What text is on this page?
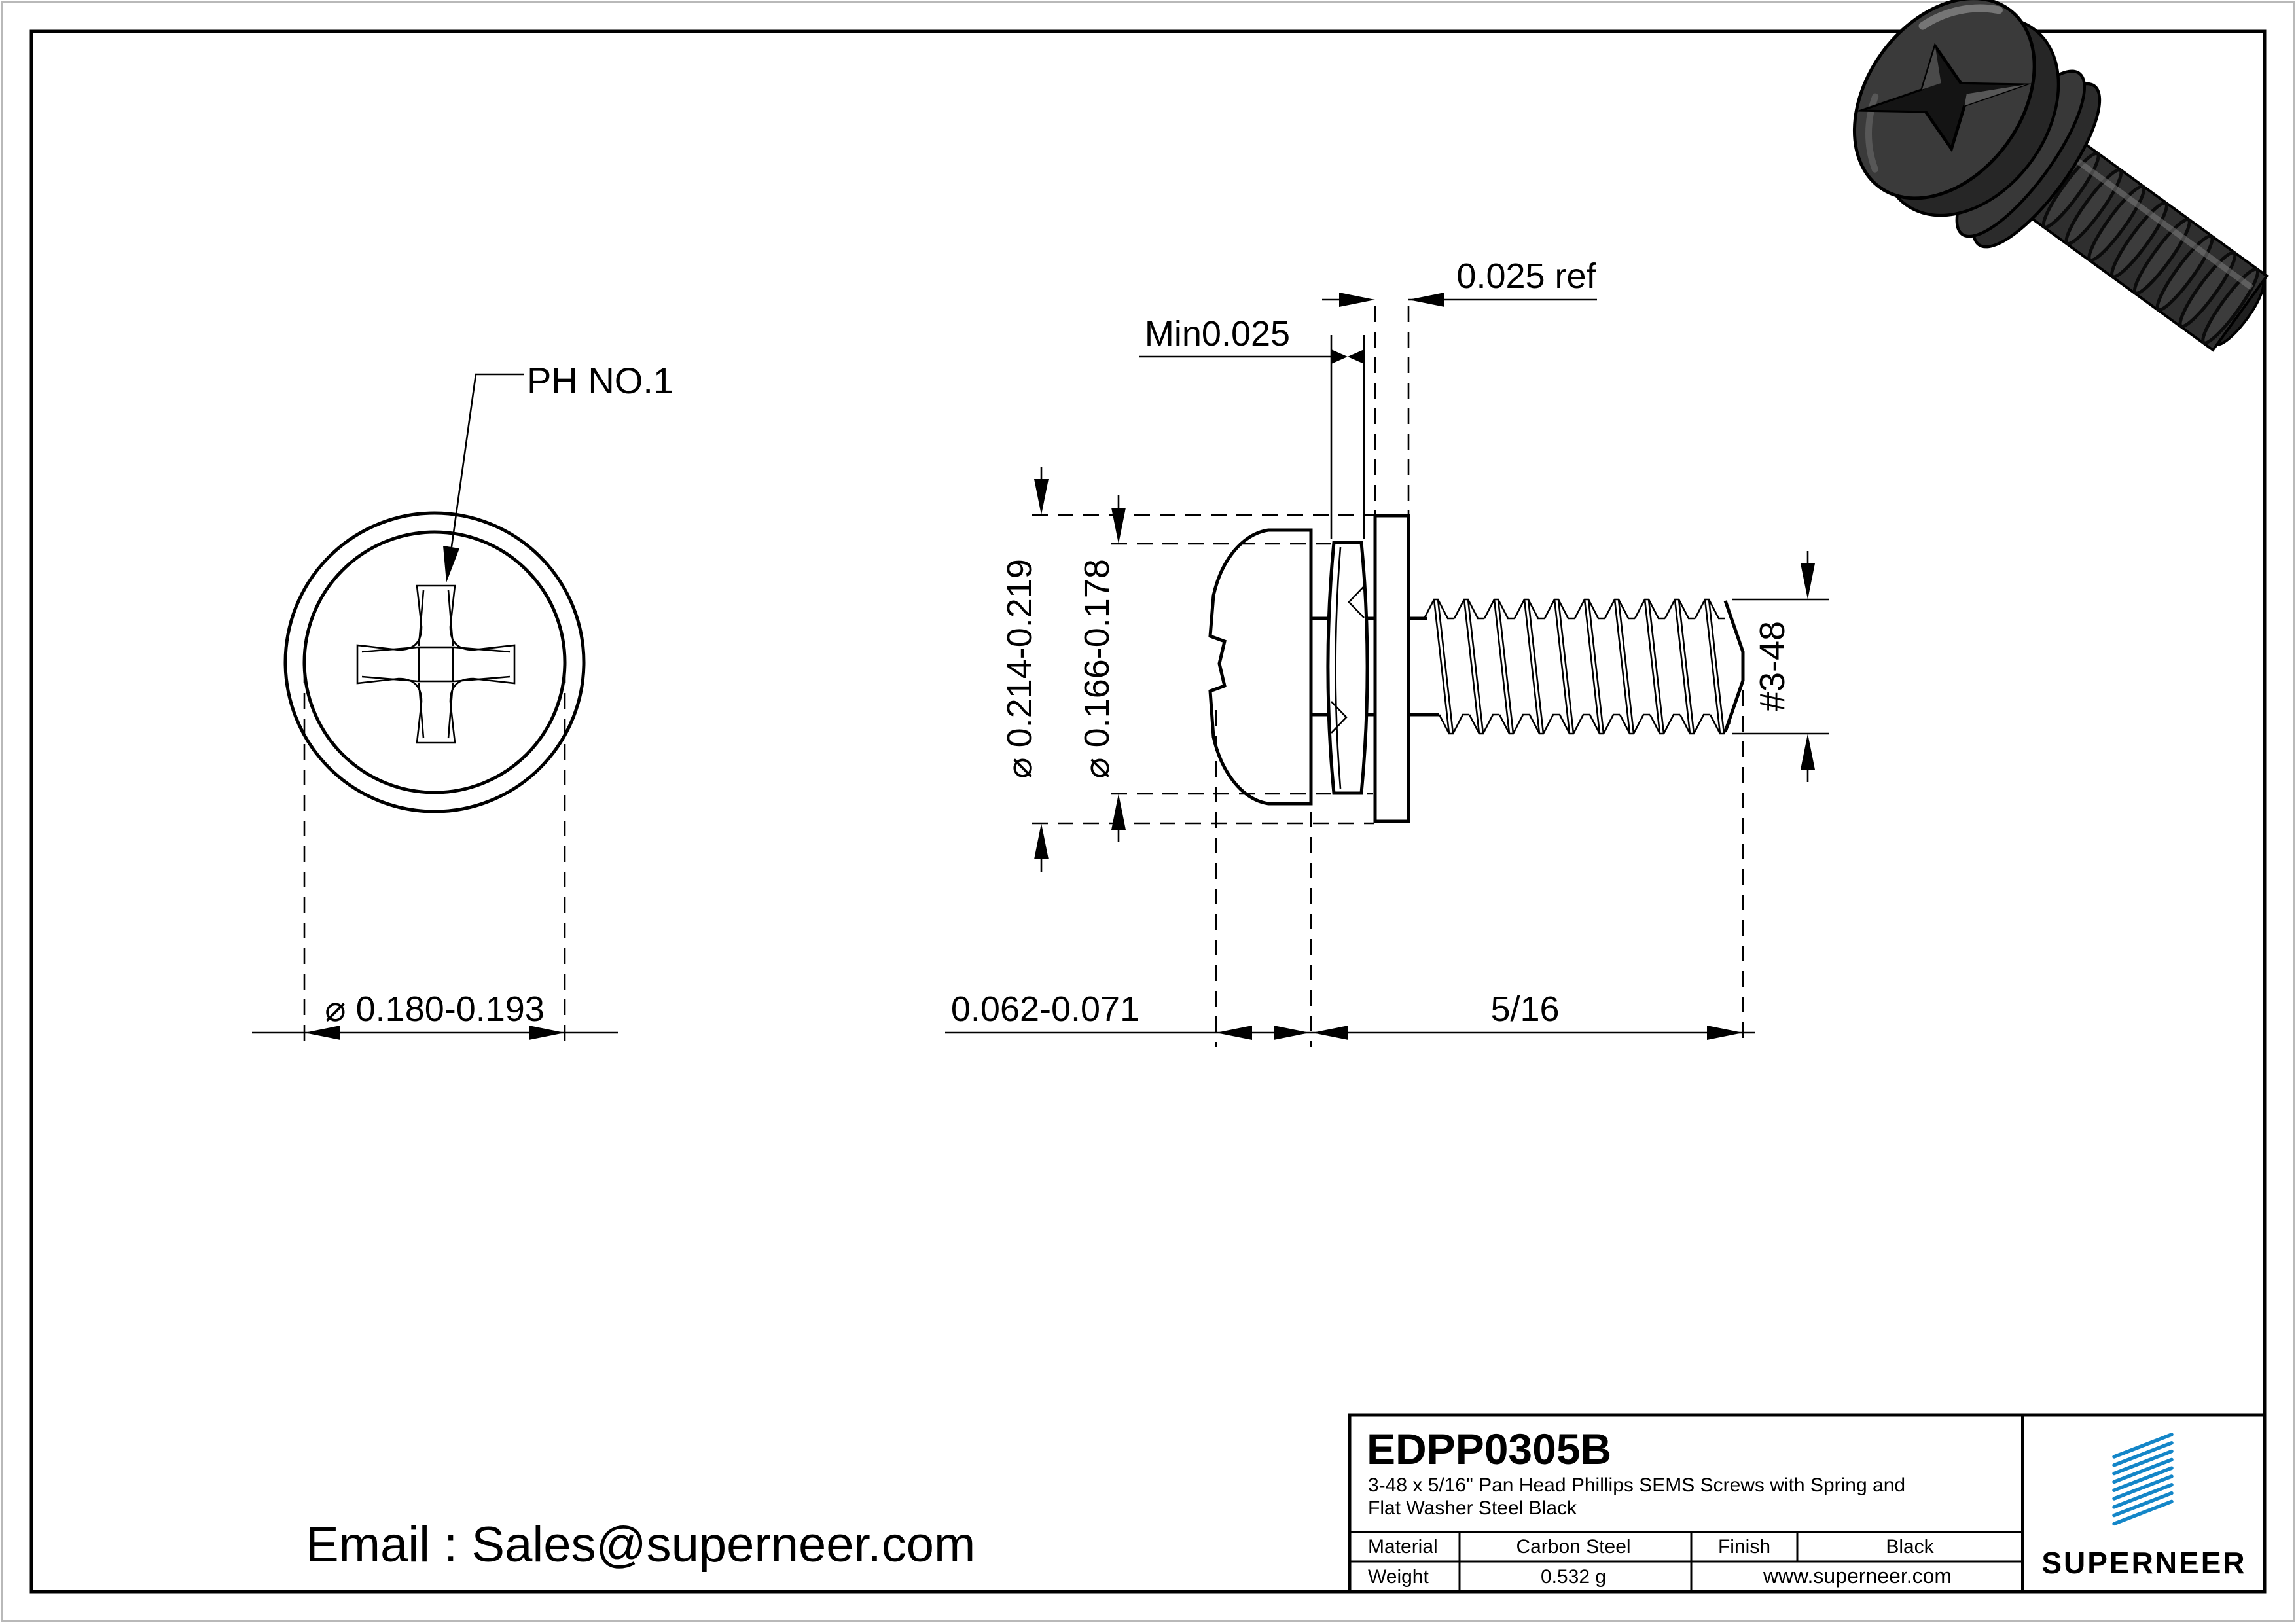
PH NO.1
⌀ 0.180-0.193
⌀ 0.214-0.219 ⌀ 0.166-0.178
Min0.025
0.025 ref
#3-48
0.062-0.071	5/16
Email : Sales@superneer.com
EDPP0305B
3-48 x 5/16" Pan Head Phillips SEMS Screws with Spring and
Flat Washer Steel Black
Material	Carbon Steel	Finish	Black
Weight	0.532 g	www.superneer.com	SUPERNEER
